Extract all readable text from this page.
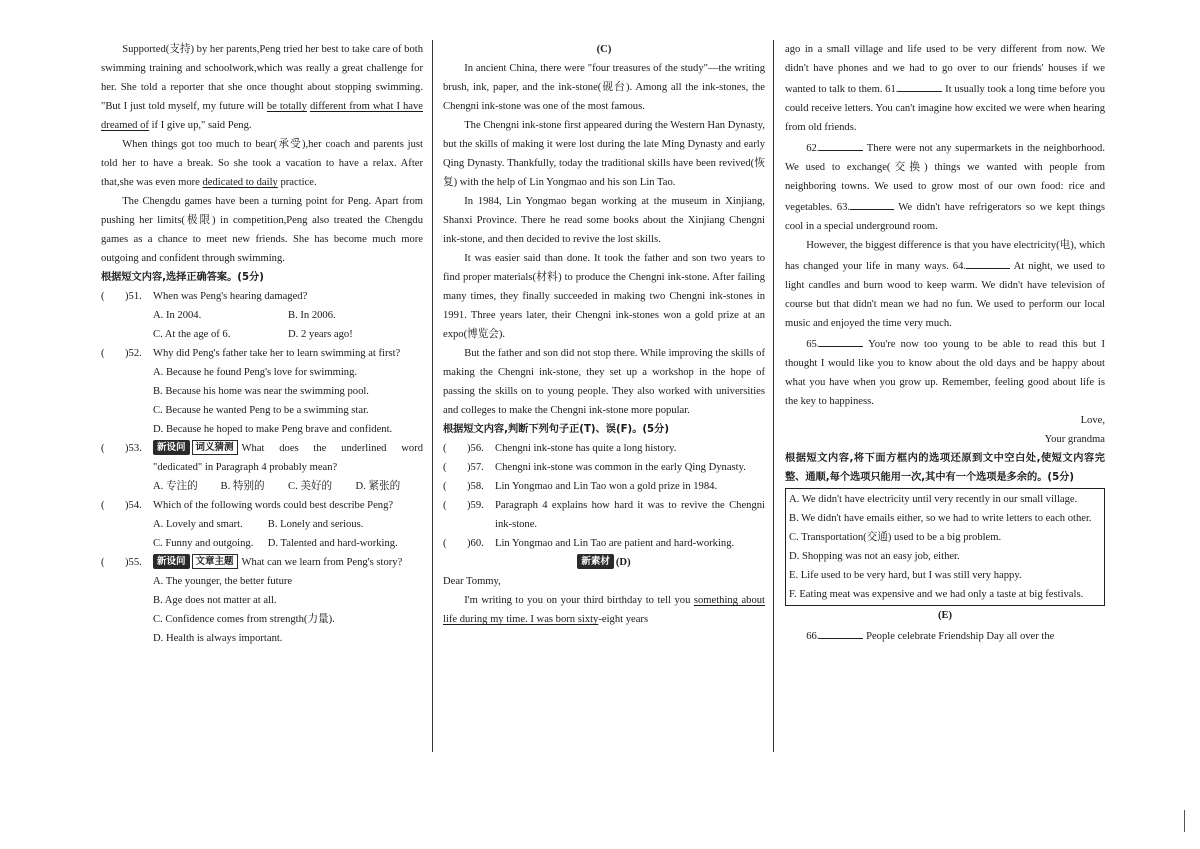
Supported(支持) by her parents,Peng tried her best to take care of both swimming training and schoolwork,which was really a great challenge for her. She told a reporter that she once thought about stopping swimming. "But I just told myself, my future will be totally different from what I have dreamed of if I give up," said Peng.

When things got too much to bear(承受),her coach and parents just told her to have a break. So she took a vacation to have a relax. After that,she was even more dedicated to daily practice.

The Chengdu games have been a turning point for Peng. Apart from pushing her limits(极限) in competition,Peng also treated the Chengdu games as a chance to meet new friends. She has become much more outgoing and confident through swimming.

根据短文内容,选择正确答案。(5分)

(	)51.	When was Peng's hearing damaged?
A. In 2004.	B. In 2006.
C. At the age of 6.	D. 2 years ago!
(	)52.	Why did Peng's father take her to learn swimming at first?
A. Because he found Peng's love for swimming.
B. Because his home was near the swimming pool.
C. Because he wanted Peng to be a swimming star.
D. Because he hoped to make Peng brave and confident.
(	)53.	新设问 词义猜测 What does the underlined word "dedicated" in Paragraph 4 probably mean?
A. 专注的	B. 特别的	C. 美好的	D. 紧张的
(	)54.	Which of the following words could best describe Peng?
A. Lovely and smart.	B. Lonely and serious.
C. Funny and outgoing.	D. Talented and hard-working.
(	)55.	新设问 文章主题 What can we learn from Peng's story?
A. The younger, the better future
B. Age does not matter at all.
C. Confidence comes from strength(力量).
D. Health is always important.

(C)

In ancient China, there were "four treasures of the study"—the writing brush, ink, paper, and the ink-stone(砚台). Among all the ink-stones, the Chengni ink-stone was one of the most famous.

The Chengni ink-stone first appeared during the Western Han Dynasty, but the skills of making it were lost during the late Ming Dynasty and early Qing Dynasty. Thankfully, today the traditional skills have been revived(恢复) with the help of Lin Yongmao and his son Lin Tao.

In 1984, Lin Yongmao began working at the museum in Xinjiang, Shanxi Province. There he read some books about the Xinjiang Chengni ink-stone, and then decided to revive the lost skills.

It was easier said than done. It took the father and son two years to find proper materials(材料) to produce the Chengni ink-stone. After failing many times, they finally succeeded in making two Chengni ink-stones in 1991. Three years later, their Chengni ink-stones won a gold prize at an expo(博览会).

But the father and son did not stop there. While improving the skills of making the Chengni ink-stone, they set up a workshop in the hope of passing the skills on to young people. They also worked with universities and colleges to make the Chengni ink-stone more popular.

根据短文内容,判断下列句子正(T)、误(F)。(5分)

(	)56.	Chengni ink-stone has quite a long history.
(	)57.	Chengni ink-stone was common in the early Qing Dynasty.
(	)58.	Lin Yongmao and Lin Tao won a gold prize in 1984.
(	)59.	Paragraph 4 explains how hard it was to revive the Chengni ink-stone.
(	)60.	Lin Yongmao and Lin Tao are patient and hard-working.

新素材 (D)

Dear Tommy,

I'm writing to you on your third birthday to tell you something about life during my time. I was born sixty-eight years

ago in a small village and life used to be very different from now. We didn't have phones and we had to go over to our friends' houses if we wanted to talk to them. 61.	It usually took a long time before you could receive letters. You can't imagine how excited we were when hearing from old friends.

62.	There were not any supermarkets in the neighborhood. We used to exchange(交换) things we wanted with people from neighboring towns. We used to grow most of our own food: rice and vegetables. 63.	We didn't have refrigerators so we kept things cool in a special underground room.

However, the biggest difference is that you have electricity(电), which has changed your life in many ways. 64.	At night, we used to light candles and burn wood to keep warm. We didn't have television of course but that didn't mean we had no fun. We used to perform our local music and enjoyed the time very much.

65.	You're now too young to be able to read this but I thought I would like you to know about the old days and be happy about what you have when you grow up. Remember, feeling good about life is the key to happiness.

Love,

Your grandma

根据短文内容,将下面方框内的选项还原到文中空白处,使短文内容完整、通顺,每个选项只能用一次,其中有一个选项是多余的。(5分)

A. We didn't have electricity until very recently in our small village.

B. We didn't have emails either, so we had to write letters to each other.

C. Transportation(交通) used to be a big problem.

D. Shopping was not an easy job, either.

E. Life used to be very hard, but I was still very happy.

F. Eating meat was expensive and we had only a taste at big festivals.

(E)

66.	People celebrate Friendship Day all over the
